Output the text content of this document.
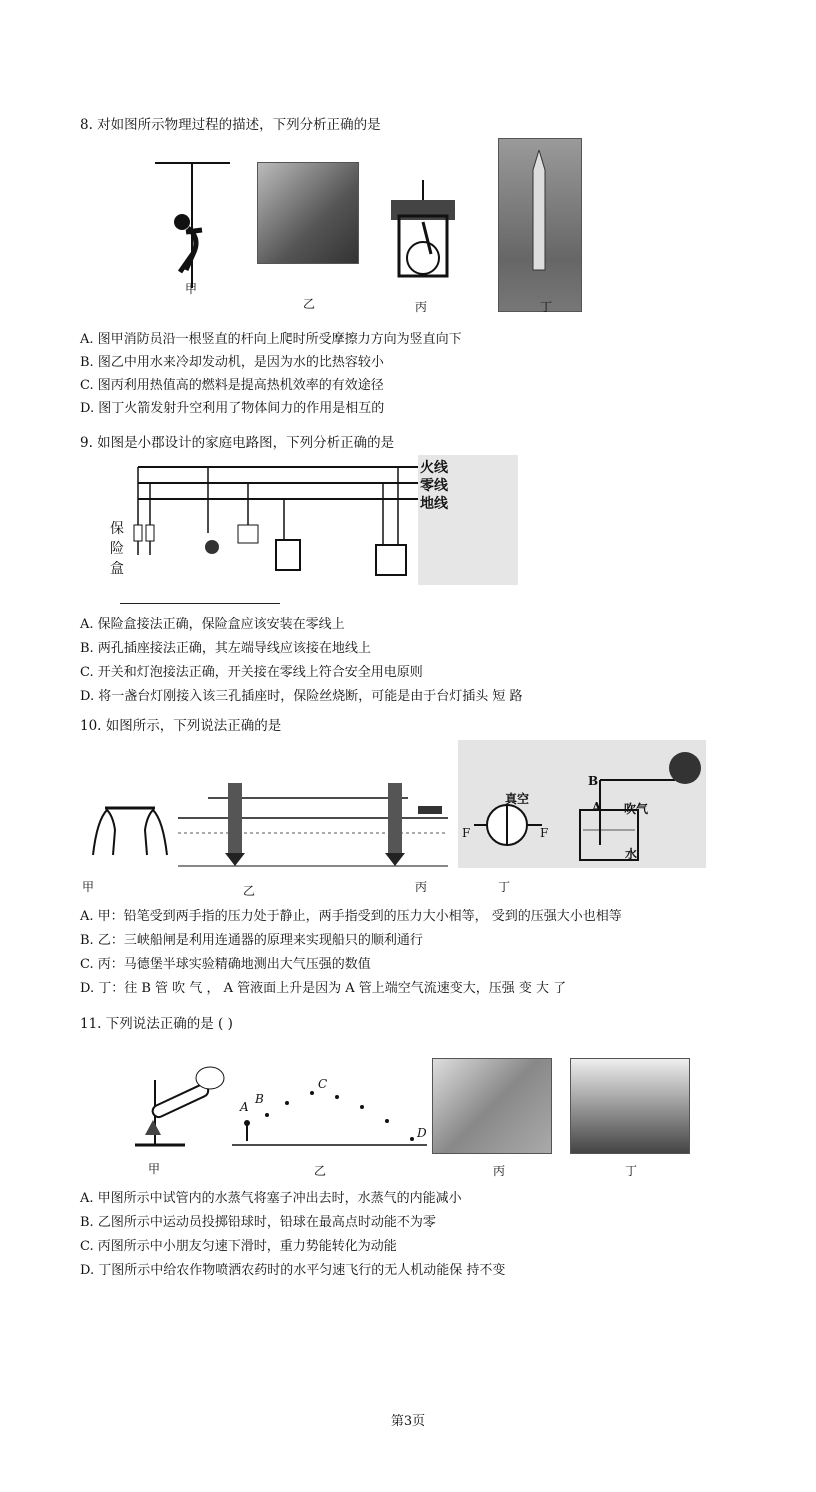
8. 对如图所示物理过程的描述，下列分析正确的是
甲
乙	丙	丁
A. 图甲消防员沿一根竖直的杆向上爬时所受摩擦力方向为竖直向下
B. 图乙中用水来冷却发动机，是因为水的比热容较小
C. 图丙利用热值高的燃料是提高热机效率的有效途径
D. 图丁火箭发射升空利用了物体间力的作用是相互的
9. 如图是小郡设计的家庭电路图，下列分析正确的是
火线
零线
地线
保
险
盒
A. 保险盒接法正确，保险盒应该安装在零线上
B. 两孔插座接法正确，其左端导线应该接在地线上
C. 开关和灯泡接法正确，开关接在零线上符合安全用电原则
D. 将一盏台灯刚接入该三孔插座时，保险丝烧断，可能是由于台灯插头 短 路
10. 如图所示，下列说法正确的是
甲	乙
F	F
真空
丙
B
A 吹气
水
丁
A. 甲：铅笔受到两手指的压力处于静止，两手指受到的压力大小相等， 受到的压强大小也相等
B. 乙：三峡船闸是利用连通器的原理来实现船只的顺利通行
C. 丙：马德堡半球实验精确地测出大气压强的数值
D. 丁：往 B 管 吹 气 ， A 管液面上升是因为 A 管上端空气流速变大，压强 变 大 了
11. 下列说法正确的是 ( )
甲
A
B
C
D
乙	丙	丁
A. 甲图所示中试管内的水蒸气将塞子冲出去时，水蒸气的内能减小
B. 乙图所示中运动员投掷铅球时，铅球在最高点时动能不为零
C. 丙图所示中小朋友匀速下滑时，重力势能转化为动能
D. 丁图所示中给农作物喷洒农药时的水平匀速飞行的无人机动能保 持不变
第3页
